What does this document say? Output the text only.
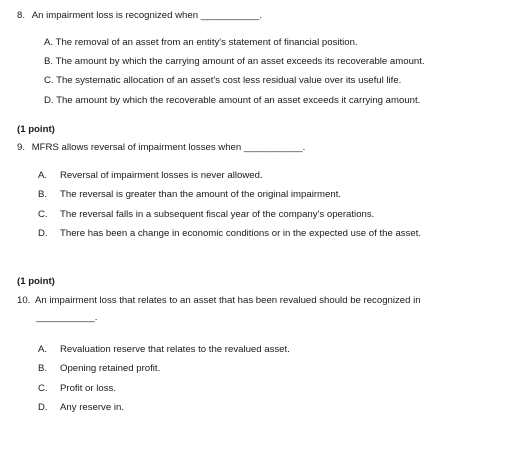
8. An impairment loss is recognized when ___________.
A. The removal of an asset from an entity's statement of financial position.
B. The amount by which the carrying amount of an asset exceeds its recoverable amount.
C. The systematic allocation of an asset's cost less residual value over its useful life.
D. The amount by which the recoverable amount of an asset exceeds it carrying amount.
(1 point)
9. MFRS allows reversal of impairment losses when ___________.
A. Reversal of impairment losses is never allowed.
B. The reversal is greater than the amount of the original impairment.
C. The reversal falls in a subsequent fiscal year of the company's operations.
D. There has been a change in economic conditions or in the expected use of the asset.
(1 point)
10. An impairment loss that relates to an asset that has been revalued should be recognized in
___________.
A. Revaluation reserve that relates to the revalued asset.
B. Opening retained profit.
C. Profit or loss.
D. Any reserve in.
